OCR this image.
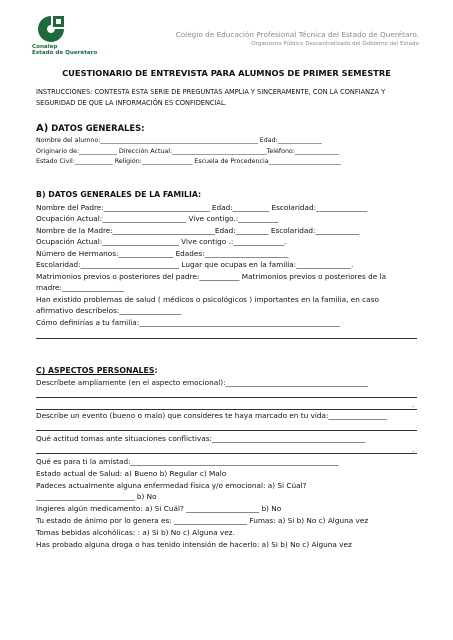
Conalep
Estado de Querétaro
Colegio de Educación Profesional Técnica del Estado de Querétaro.
Organismo Público Descentralizado del Gobierno del Estado
CUESTIONARIO DE ENTREVISTA PARA ALUMNOS DE PRIMER SEMESTRE
INSTRUCCIONES: CONTESTA ESTA SERIE DE PREGUNTAS AMPLIA Y SINCERAMENTE, CON LA CONFIANZA Y
SEGURIDAD DE QUE LA INFORMACIÓN ES CONFIDENCIAL.
A) DATOS GENERALES:
Nombre del alumno:__________________________________________________ Edad:______________
Originario de:____________ Dirección Actual:______________________________Teléfono:______________
Estado Civil:____________ Religión:________________ Escuela de Procedencia_______________________
B) DATOS GENERALES DE LA FAMILIA:
Nombre del Padre:_____________________________ Edad:__________ Escolaridad:______________
Ocupación Actual:_______________________ Vive contigo.:___________
Nombre de la Madre:____________________________Edad:_________ Escolaridad:____________
Ocupación Actual:_____________________ Vive contigo .:______________.
Número de Hermanos:_______________ Edades:_______________________
Escolaridad:___________________________ Lugar que ocupas en la familia:_______________.
Matrimonios previos o posteriores del padre:___________ Matrimonios previos o posteriores de la
madre:_________________
Han existido problemas de salud ( médicos o psicológicos ) importantes en la familia, en caso
afirmativo descríbelos:_________________
Cómo definirías a tu familia:_______________________________________________________
C) ASPECTOS PERSONALES:
Descríbete ampliamente (en el aspecto emocional):_______________________________________
.
Describe un evento (bueno o malo) que consideres te haya marcado en tu vida:________________
Qué actitud tomas ante situaciones conflictivas:__________________________________________
.
Qué es para ti la amistad:_________________________________________________________
Estado actual de Salud: a) Bueno b) Regular c) Malo
Padeces actualmente alguna enfermedad física y/o emocional: a) Si Cúal?
___________________________ b) No
Ingieres algún medicamento: a) Si Cuál? ____________________ b) No
Tu estado de ánimo por lo genera es: ____________________ Fumas: a) Si b) No c) Alguna vez
Tomas bebidas alcohólicas: : a) Si b) No c) Alguna vez.
Has probado alguna droga o has tenido intensión de hacerlo: a) Si b) No c) Alguna vez
